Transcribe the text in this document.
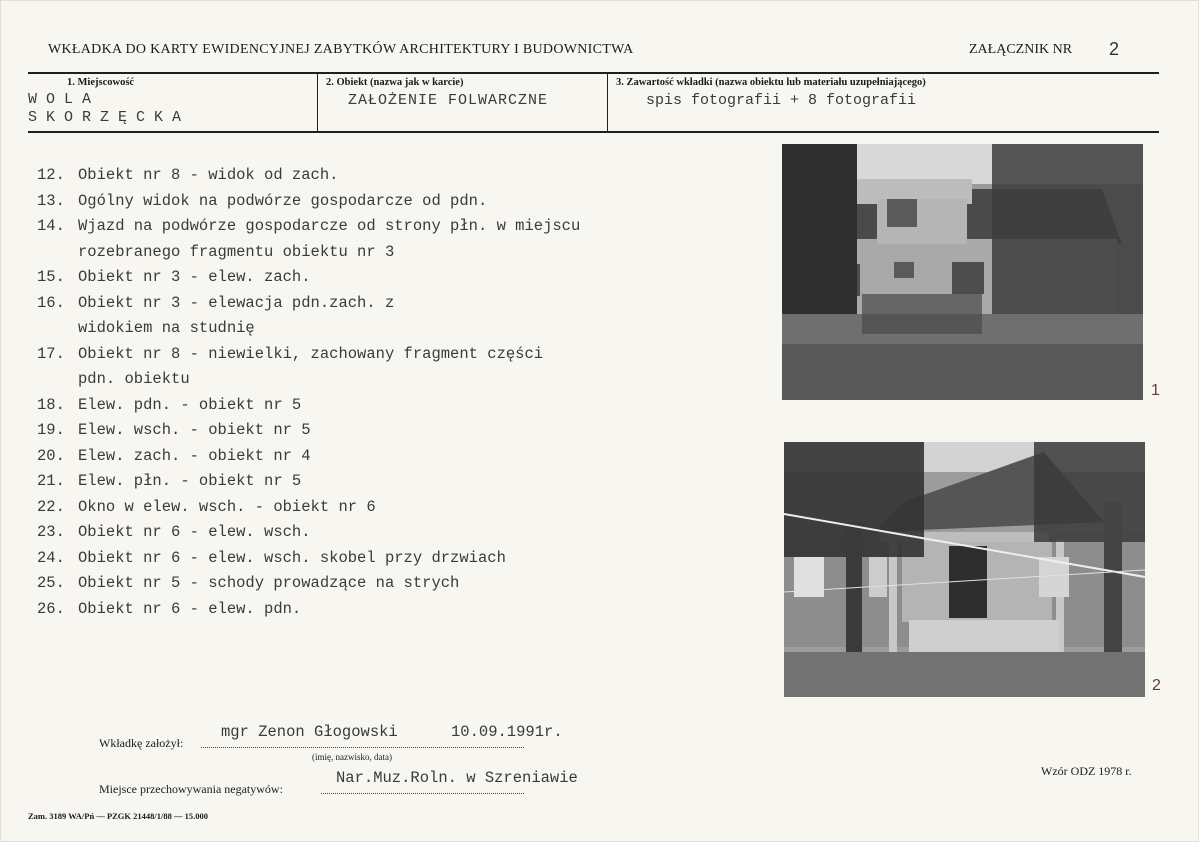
WKŁADKA DO KARTY EWIDENCYJNEJ ZABYTKÓW ARCHITEKTURY I BUDOWNICTWA	ZAŁĄCZNIK NR 2
1. Miejscowość
WOLA
SKORZĘCKA
2. Obiekt (nazwa jak w karcie)
ZAŁOŻENIE FOLWARCZNE
3. Zawartość wkładki (nazwa obiektu lub materiału uzupełniającego)
spis fotografii + 8 fotografii
12. Obiekt nr 8 - widok od zach.
13. Ogólny widok na podwórze gospodarcze od pdn.
14. Wjazd na podwórze gospodarcze od strony płn. w miejscu
rozebranego fragmentu obiektu nr 3
15. Obiekt nr 3 - elew. zach.
16. Obiekt nr 3 - elewacja pdn.zach. z
widokiem na studnię
17. Obiekt nr 8 - niewielki, zachowany fragment części
pdn. obiektu
18. Elew. pdn. - obiekt nr 5
19. Elew. wsch. - obiekt nr 5
20. Elew. zach. - obiekt nr 4
21. Elew. płn. - obiekt nr 5
22. Okno w elew. wsch. - obiekt nr 6
23. Obiekt nr 6 - elew. wsch.
24. Obiekt nr 6 - elew. wsch. skobel przy drzwiach
25. Obiekt nr 5 - schody prowadzące na strych
26. Obiekt nr 6 - elew. pdn.
1
2
Wkładkę założył:
mgr Zenon Głogowski	10.09.1991r.
(imię, nazwisko, data)
Miejsce przechowywania negatywów:
Nar.Muz.Roln. w Szreniawie	Wzór ODZ 1978 r.
Zam. 3189 WA/Pń — PZGK 21448/1/88 — 15.000
